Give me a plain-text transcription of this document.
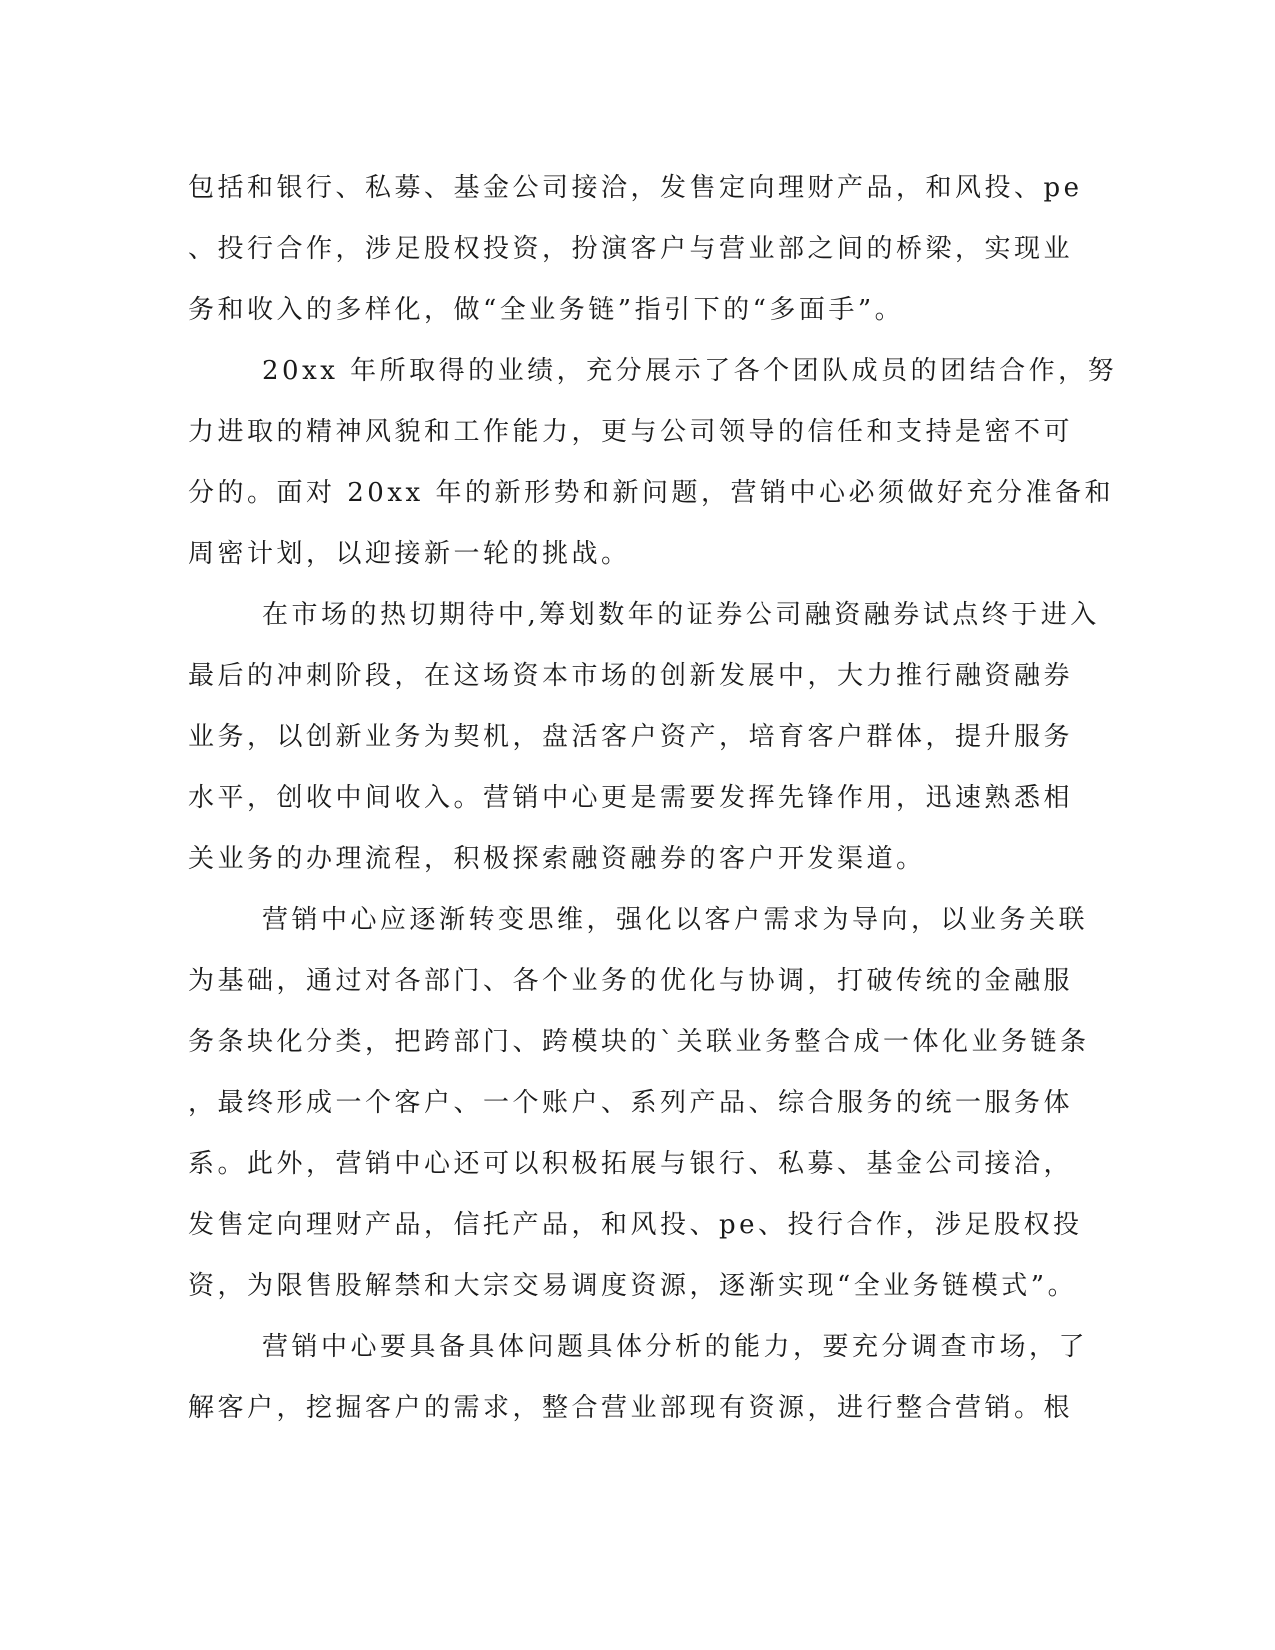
包括和银行、私募、基金公司接洽，发售定向理财产品，和风投、pe
、投行合作，涉足股权投资，扮演客户与营业部之间的桥梁，实现业
务和收入的多样化，做“全业务链”指引下的“多面手”。
20xx 年所取得的业绩，充分展示了各个团队成员的团结合作，努
力进取的精神风貌和工作能力，更与公司领导的信任和支持是密不可
分的。面对 20xx 年的新形势和新问题，营销中心必须做好充分准备和
周密计划，以迎接新一轮的挑战。
在市场的热切期待中,筹划数年的证券公司融资融券试点终于进入
最后的冲刺阶段，在这场资本市场的创新发展中，大力推行融资融券
业务，以创新业务为契机，盘活客户资产，培育客户群体，提升服务
水平，创收中间收入。营销中心更是需要发挥先锋作用，迅速熟悉相
关业务的办理流程，积极探索融资融券的客户开发渠道。
营销中心应逐渐转变思维，强化以客户需求为导向，以业务关联
为基础，通过对各部门、各个业务的优化与协调，打破传统的金融服
务条块化分类，把跨部门、跨模块的`关联业务整合成一体化业务链条
，最终形成一个客户、一个账户、系列产品、综合服务的统一服务体
系。此外，营销中心还可以积极拓展与银行、私募、基金公司接洽，
发售定向理财产品，信托产品，和风投、pe、投行合作，涉足股权投
资，为限售股解禁和大宗交易调度资源，逐渐实现“全业务链模式”。
营销中心要具备具体问题具体分析的能力，要充分调查市场，了
解客户，挖掘客户的需求，整合营业部现有资源，进行整合营销。根
